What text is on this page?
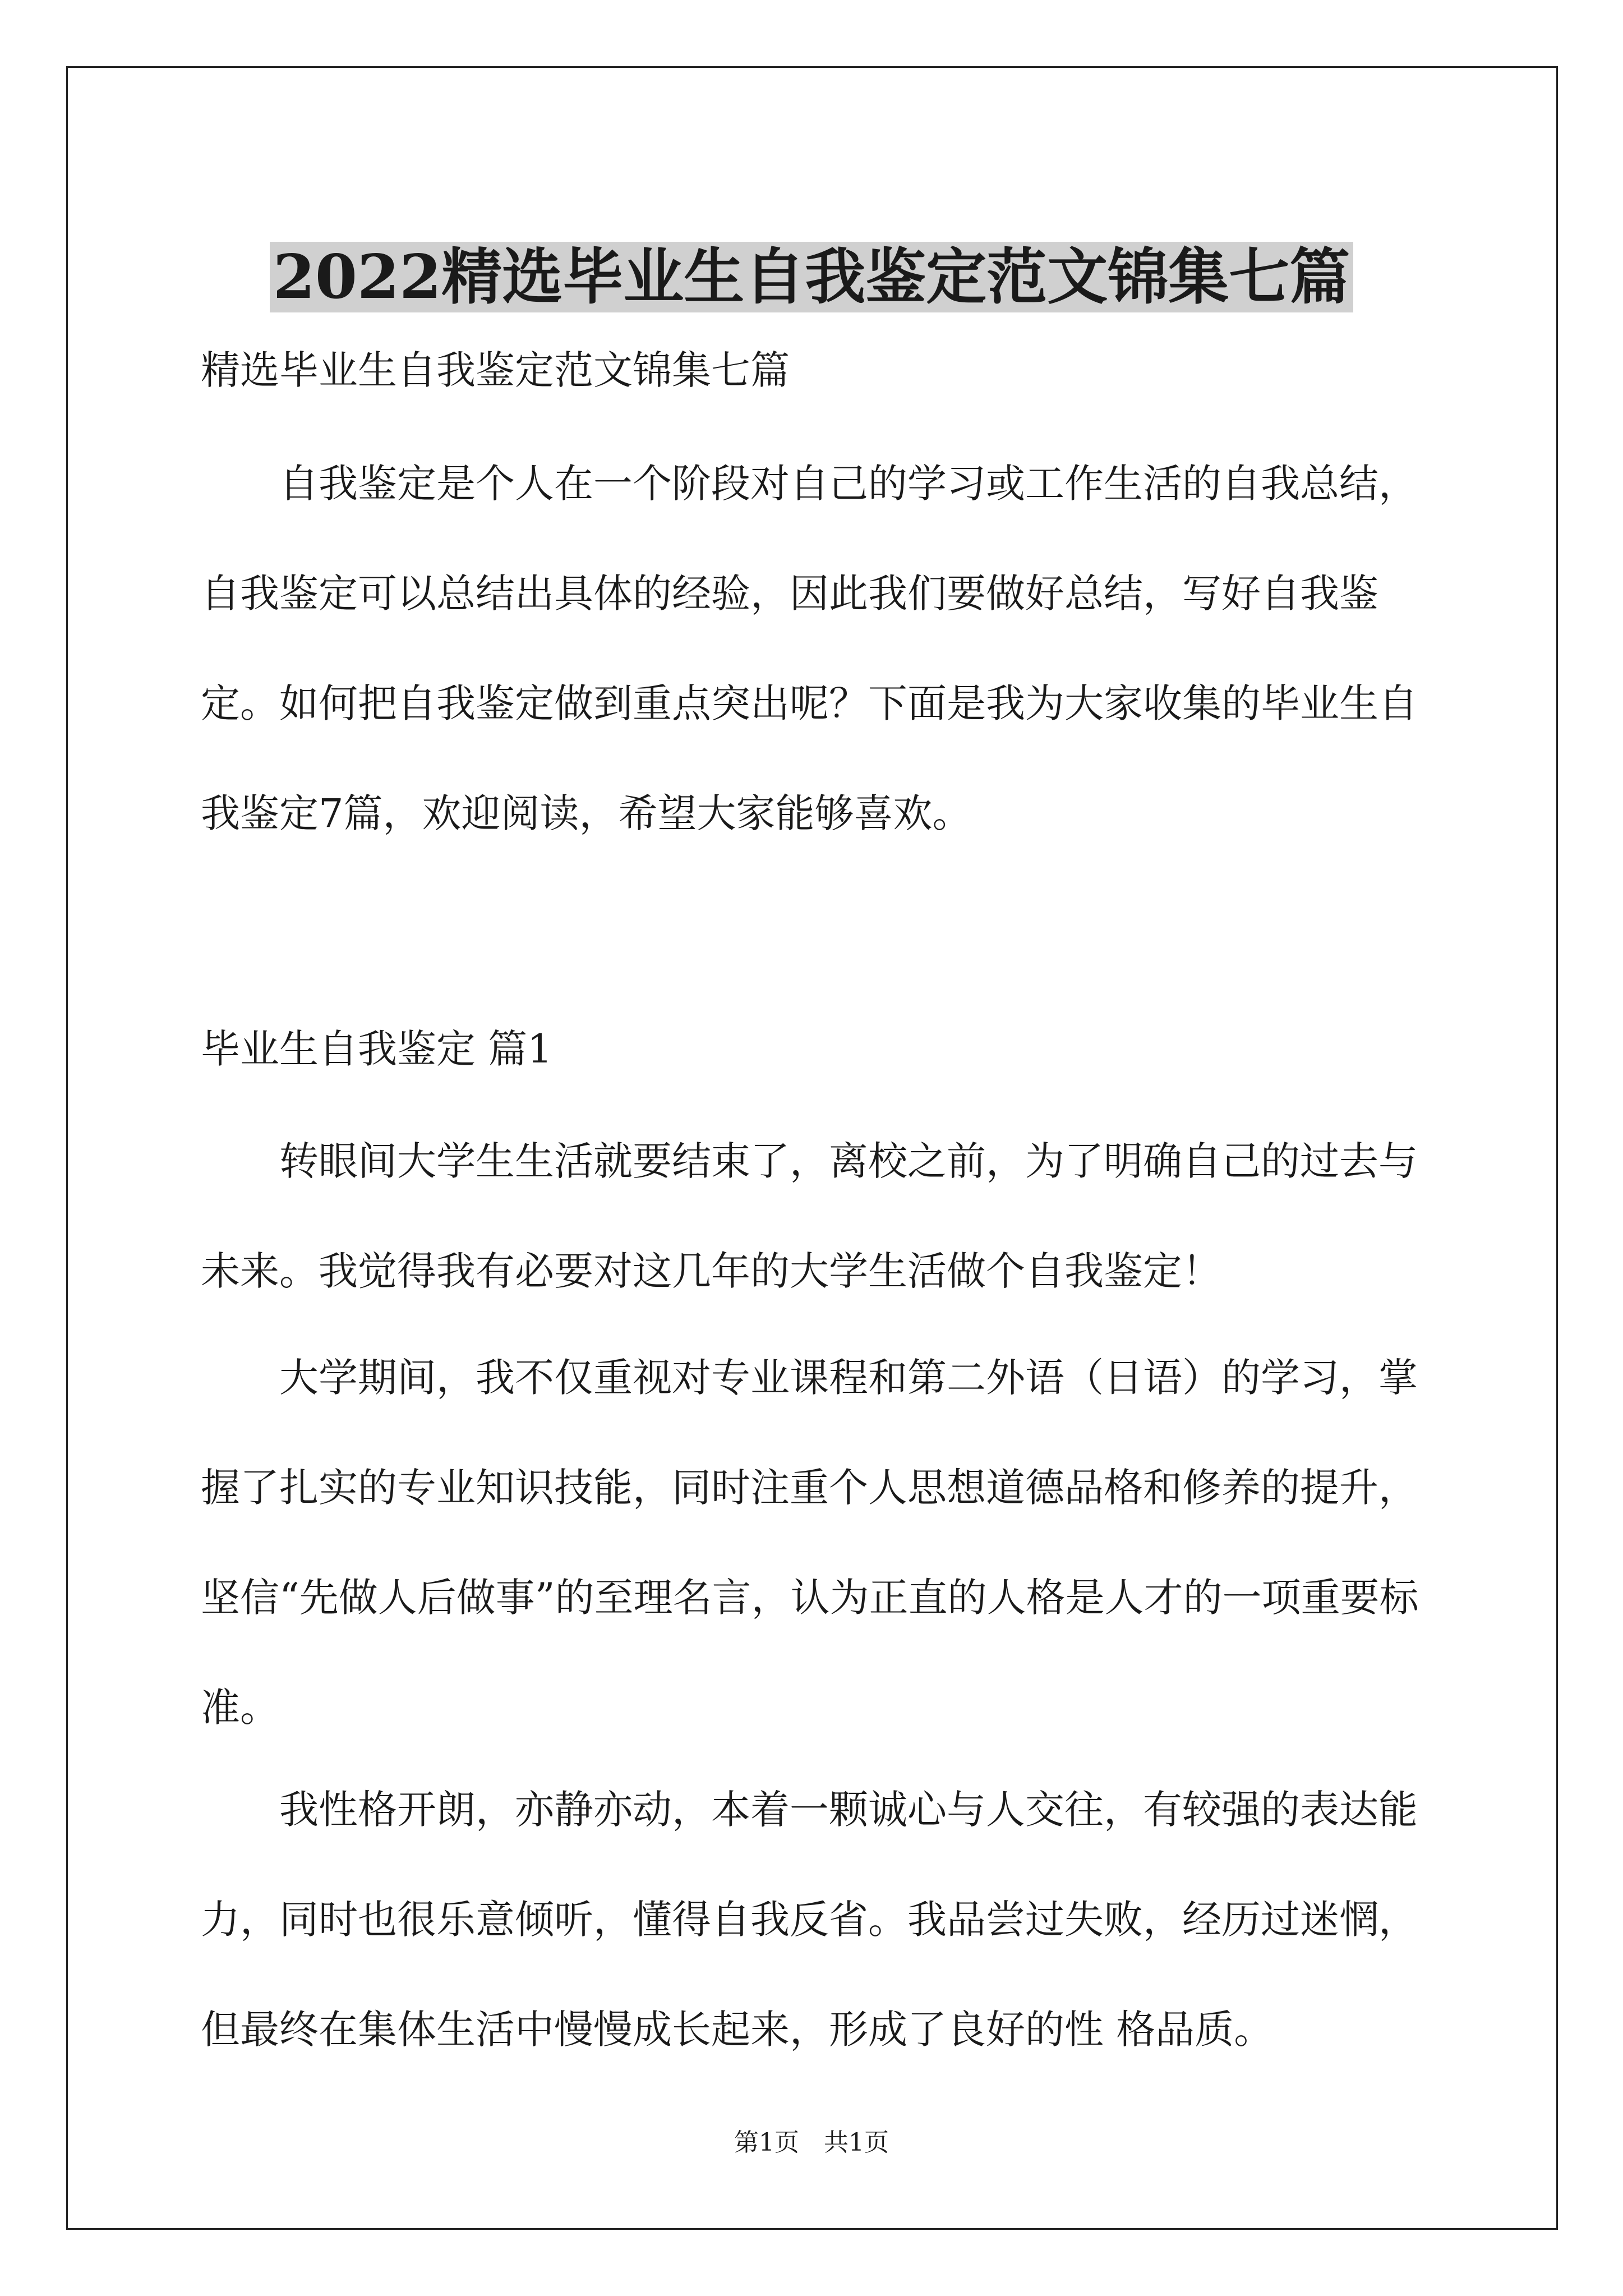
2022精选毕业生自我鉴定范文锦集七篇

精选毕业生自我鉴定范文锦集七篇

自我鉴定是个人在一个阶段对自己的学习或工作生活的自我总结，自我鉴定可以总结出具体的经验，因此我们要做好总结，写好自我鉴定。如何把自我鉴定做到重点突出呢？下面是我为大家收集的毕业生自我鉴定7篇，欢迎阅读，希望大家能够喜欢。

毕业生自我鉴定 篇1

转眼间大学生生活就要结束了，离校之前，为了明确自己的过去与未来。我觉得我有必要对这几年的大学生活做个自我鉴定！

大学期间，我不仅重视对专业课程和第二外语（日语）的学习，掌握了扎实的专业知识技能，同时注重个人思想道德品格和修养的提升，坚信“先做人后做事”的至理名言，认为正直的人格是人才的一项重要标准。

我性格开朗，亦静亦动，本着一颗诚心与人交往，有较强的表达能力，同时也很乐意倾听，懂得自我反省。我品尝过失败，经历过迷惘，但最终在集体生活中慢慢成长起来，形成了良好的性 格品质。

第1页　共1页
